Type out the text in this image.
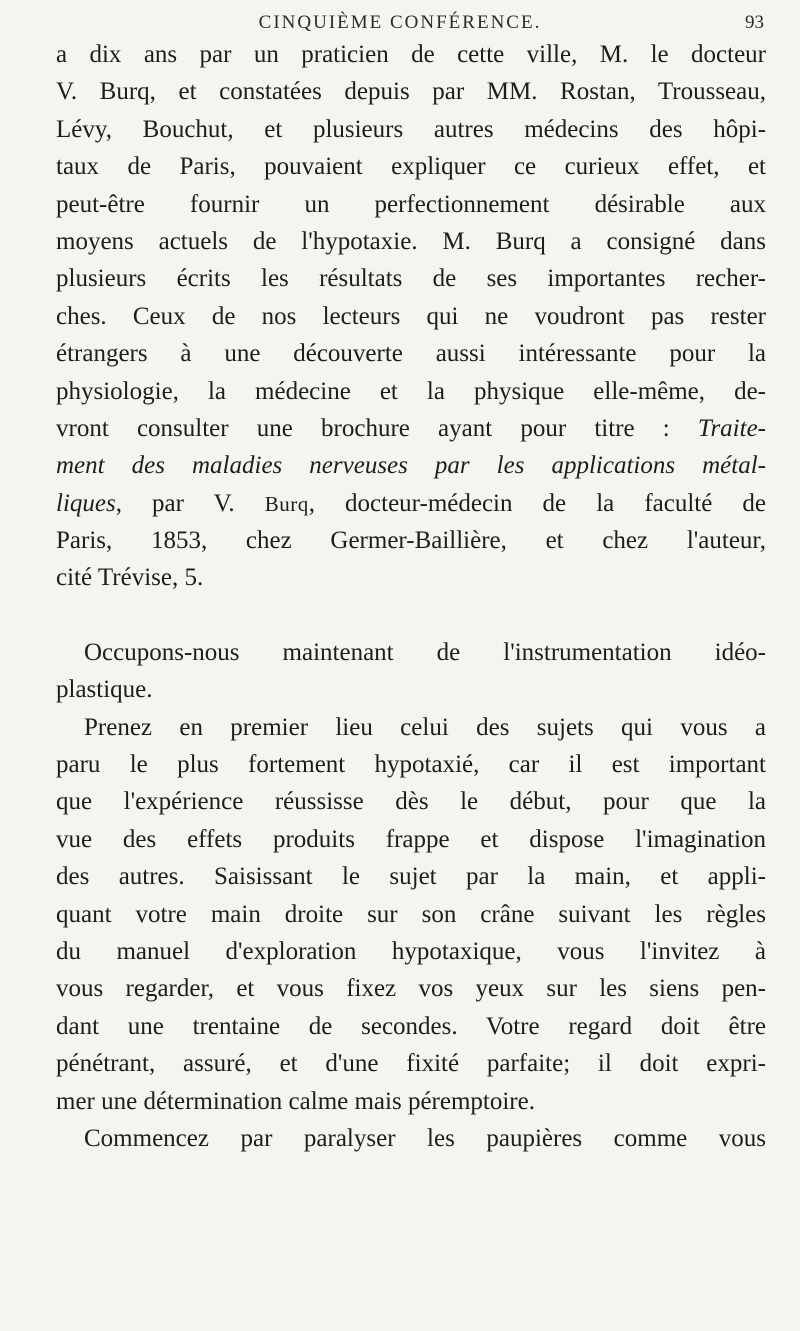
CINQUIÈME CONFÉRENCE.	93
a dix ans par un praticien de cette ville, M. le docteur
V. Burq, et constatées depuis par MM. Rostan, Trousseau,
Lévy, Bouchut, et plusieurs autres médecins des hôpi-
taux de Paris, pouvaient expliquer ce curieux effet, et
peut-être fournir un perfectionnement désirable aux
moyens actuels de l'hypotaxie. M. Burq a consigné dans
plusieurs écrits les résultats de ses importantes recher-
ches. Ceux de nos lecteurs qui ne voudront pas rester
étrangers à une découverte aussi intéressante pour la
physiologie, la médecine et la physique elle-même, de-
vront consulter une brochure ayant pour titre : Traite-
ment des maladies nerveuses par les applications métal-
liques, par V. Burq, docteur-médecin de la faculté de
Paris, 1853, chez Germer-Baillière, et chez l'auteur,
cité Trévise, 5.
Occupons-nous maintenant de l'instrumentation idéo-
plastique.
Prenez en premier lieu celui des sujets qui vous a
paru le plus fortement hypotaxié, car il est important
que l'expérience réussisse dès le début, pour que la
vue des effets produits frappe et dispose l'imagination
des autres. Saisissant le sujet par la main, et appli-
quant votre main droite sur son crâne suivant les règles
du manuel d'exploration hypotaxique, vous l'invitez à
vous regarder, et vous fixez vos yeux sur les siens pen-
dant une trentaine de secondes. Votre regard doit être
pénétrant, assuré, et d'une fixité parfaite; il doit expri-
mer une détermination calme mais péremptoire.
Commencez par paralyser les paupières comme vous
